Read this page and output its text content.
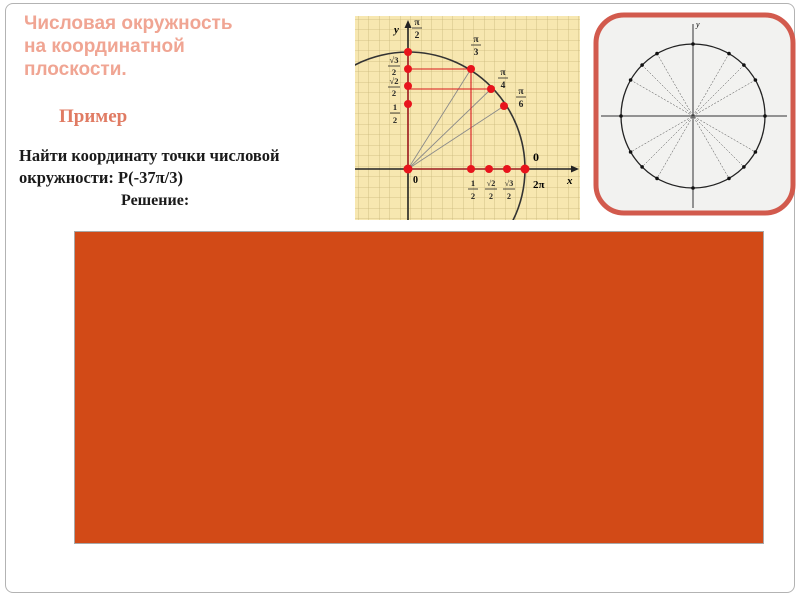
Числовая окружность
на координатной
плоскости.
Пример
Найти координату точки числовой
окружности: P(-37π/3)
Решение:
y
x
0
0
2π
π
2	π
3
π
4
π
6
√3
2
√2
2
1
2
1
2
√2
2
√3
2
y
